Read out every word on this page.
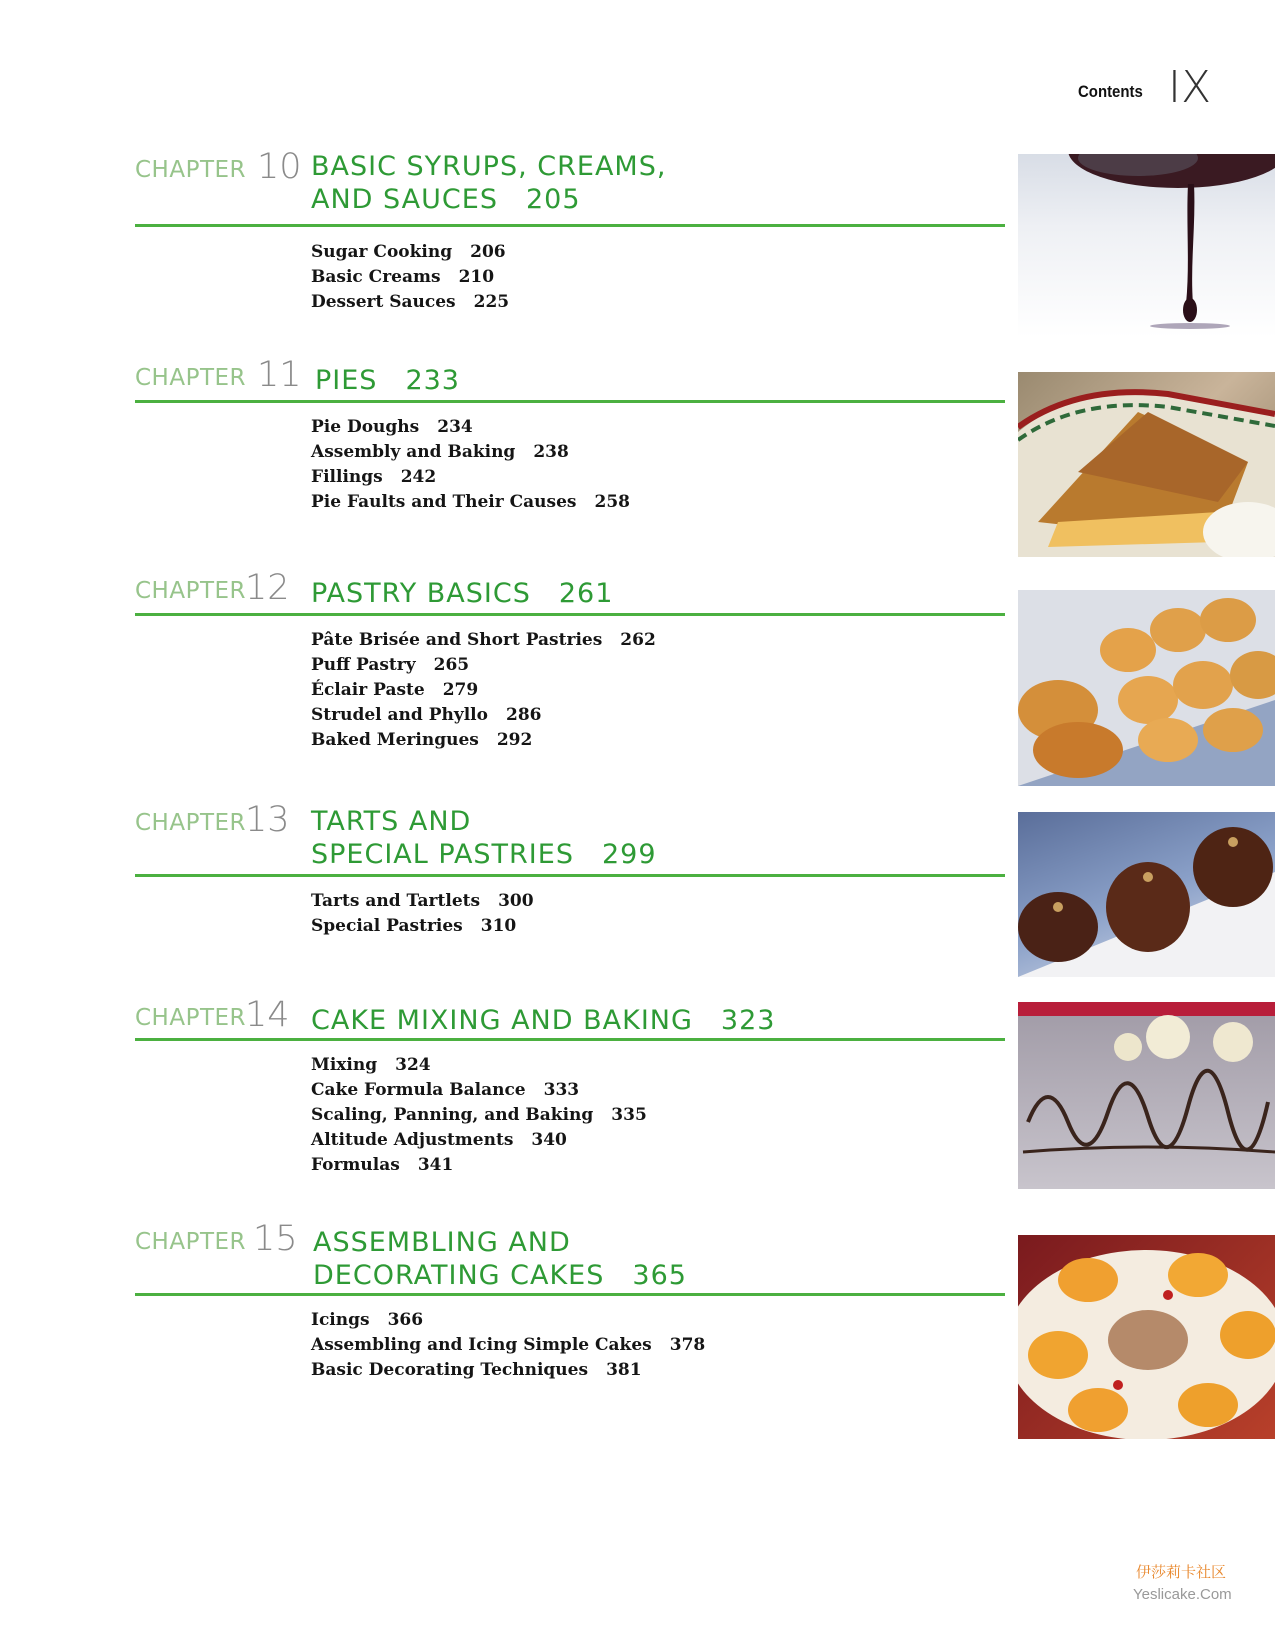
Contents IX
CHAPTER 10 BASIC SYRUPS, CREAMS,
AND SAUCES 205
Sugar Cooking 206
Basic Creams 210
Dessert Sauces 225
CHAPTER 11 PIES 233
Pie Doughs 234
Assembly and Baking 238
Fillings 242
Pie Faults and Their Causes 258
CHAPTER
12 PASTRY BASICS 261
Pâte Brisée and Short Pastries 262
Puff Pastry 265
Éclair Paste 279
Strudel and Phyllo 286
Baked Meringues 292
CHAPTER
13 TARTS AND
SPECIAL PASTRIES 299
Tarts and Tartlets 300
Special Pastries 310
CHAPTER
14 CAKE MIXING AND BAKING 323
Mixing 324
Cake Formula Balance 333
Scaling, Panning, and Baking 335
Altitude Adjustments 340
Formulas 341
CHAPTER 15 ASSEMBLING AND
DECORATING CAKES 365
Icings 366
Assembling and Icing Simple Cakes 378
Basic Decorating Techniques 381
伊莎莉卡社区
Yeslicake.Com
